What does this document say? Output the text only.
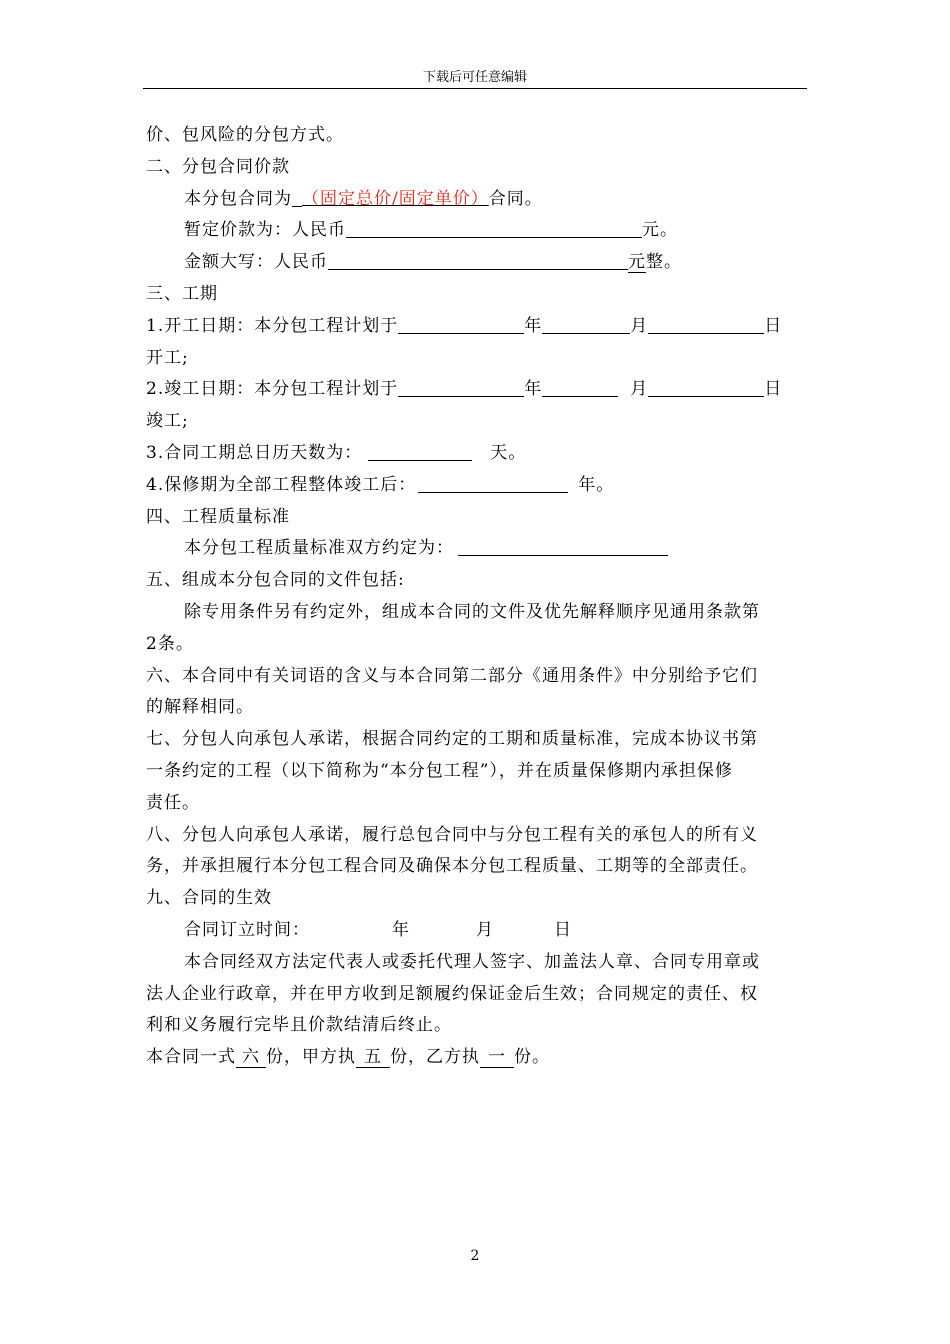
下载后可任意编辑
价、包风险的分包方式。
二、分包合同价款
本分包合同为 （固定总价/固定单价）合同。
暂定价款为：人民币	元。
金额大写：人民币	元整。
三、工期
1.开工日期：本分包工程计划于	年	月	日
开工;
2.竣工日期：本分包工程计划于	年	月	日
竣工;
3.合同工期总日历天数为：	天。
4.保修期为全部工程整体竣工后：	年。
四、工程质量标准
本分包工程质量标准双方约定为：
五、组成本分包合同的文件包括:
除专用条件另有约定外，组成本合同的文件及优先解释顺序见通用条款第
2条。
六、本合同中有关词语的含义与本合同第二部分《通用条件》中分别给予它们
的解释相同。
七、分包人向承包人承诺，根据合同约定的工期和质量标准，完成本协议书第
一条约定的工程（以下简称为“本分包工程”），并在质量保修期内承担保修
责任。
八、分包人向承包人承诺，履行总包合同中与分包工程有关的承包人的所有义
务，并承担履行本分包工程合同及确保本分包工程质量、工期等的全部责任。
九、合同的生效
合同订立时间：	年	月	日
本合同经双方法定代表人或委托代理人签字、加盖法人章、合同专用章或
法人企业行政章，并在甲方收到足额履约保证金后生效；合同规定的责任、权
利和义务履行完毕且价款结清后终止。
本合同一式 六 份，甲方执 五 份，乙方执 一 份。
2
